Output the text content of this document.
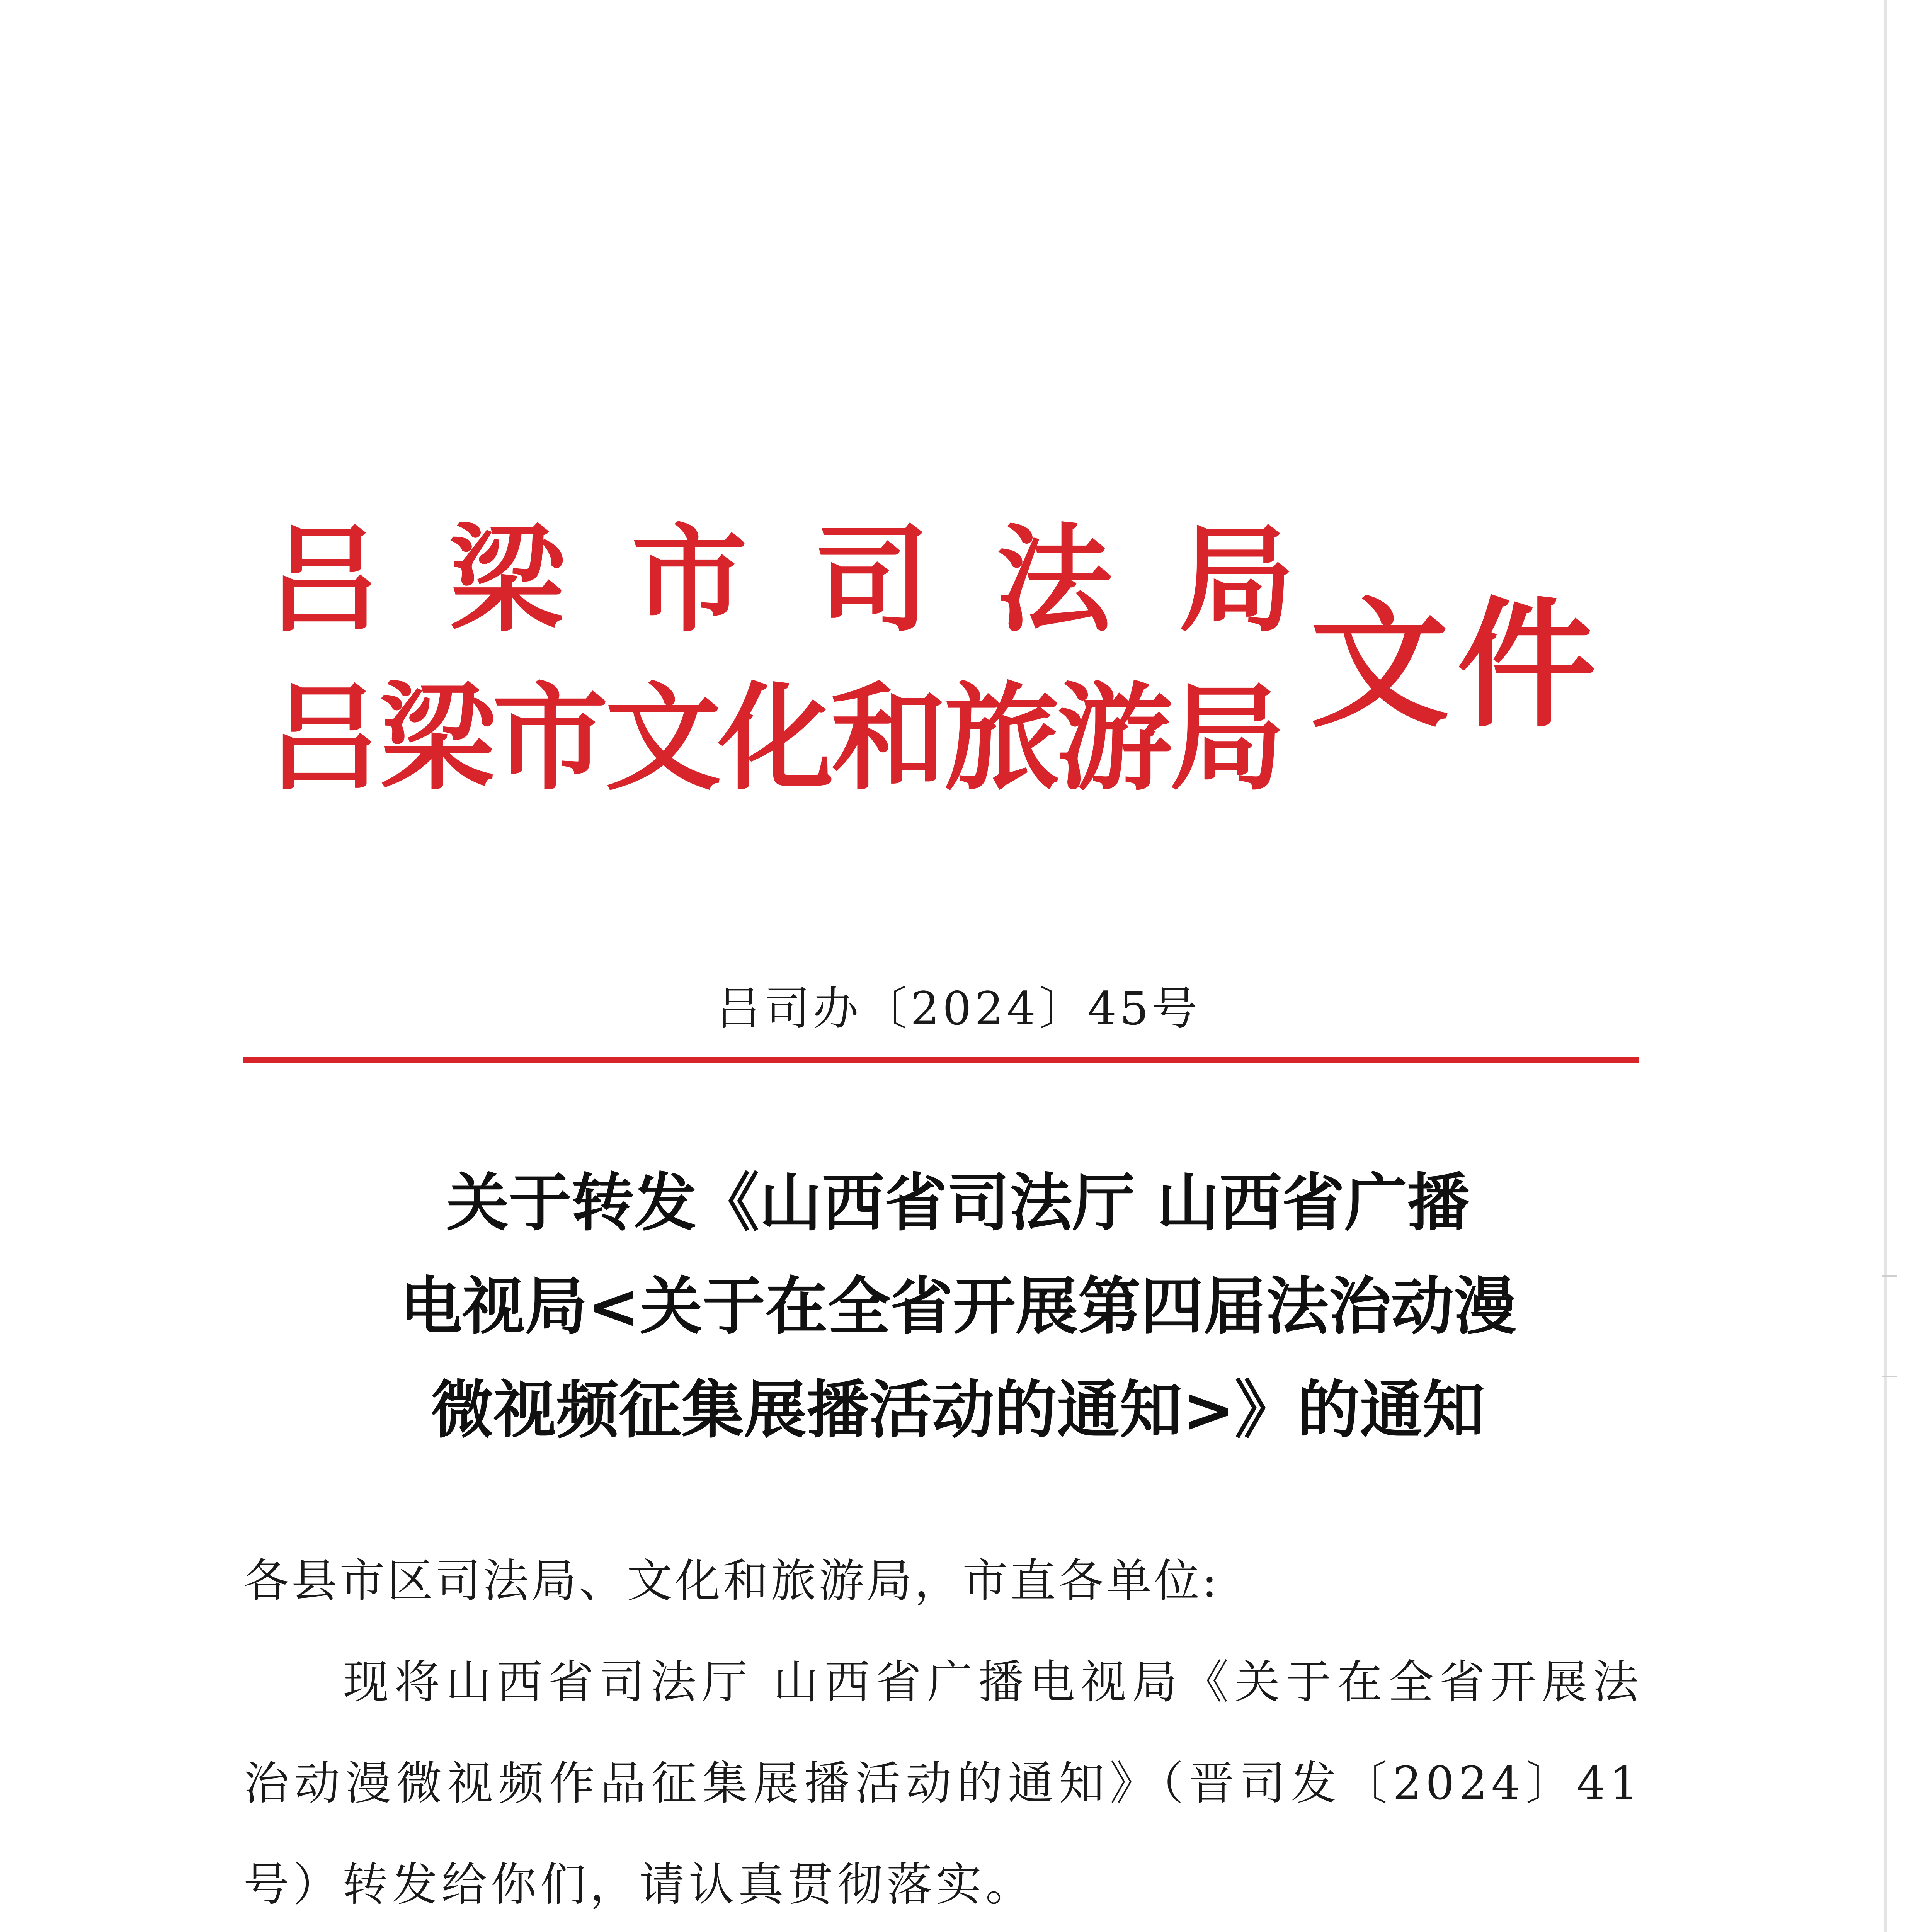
吕 梁 市 司 法 局
吕梁市文化和旅游局 文件
吕司办〔2024〕45号
关于转发《山西省司法厅 山西省广播
电视局<关于在全省开展第四届法治动漫
微视频征集展播活动的通知>》的通知
各县市区司法局、文化和旅游局，市直各单位:

现将山西省司法厅 山西省广播电视局《关于在全省开展法治动漫微视频作品征集展播活动的通知》（晋司发〔2024〕41号）转发给你们，请认真贯彻落实。
